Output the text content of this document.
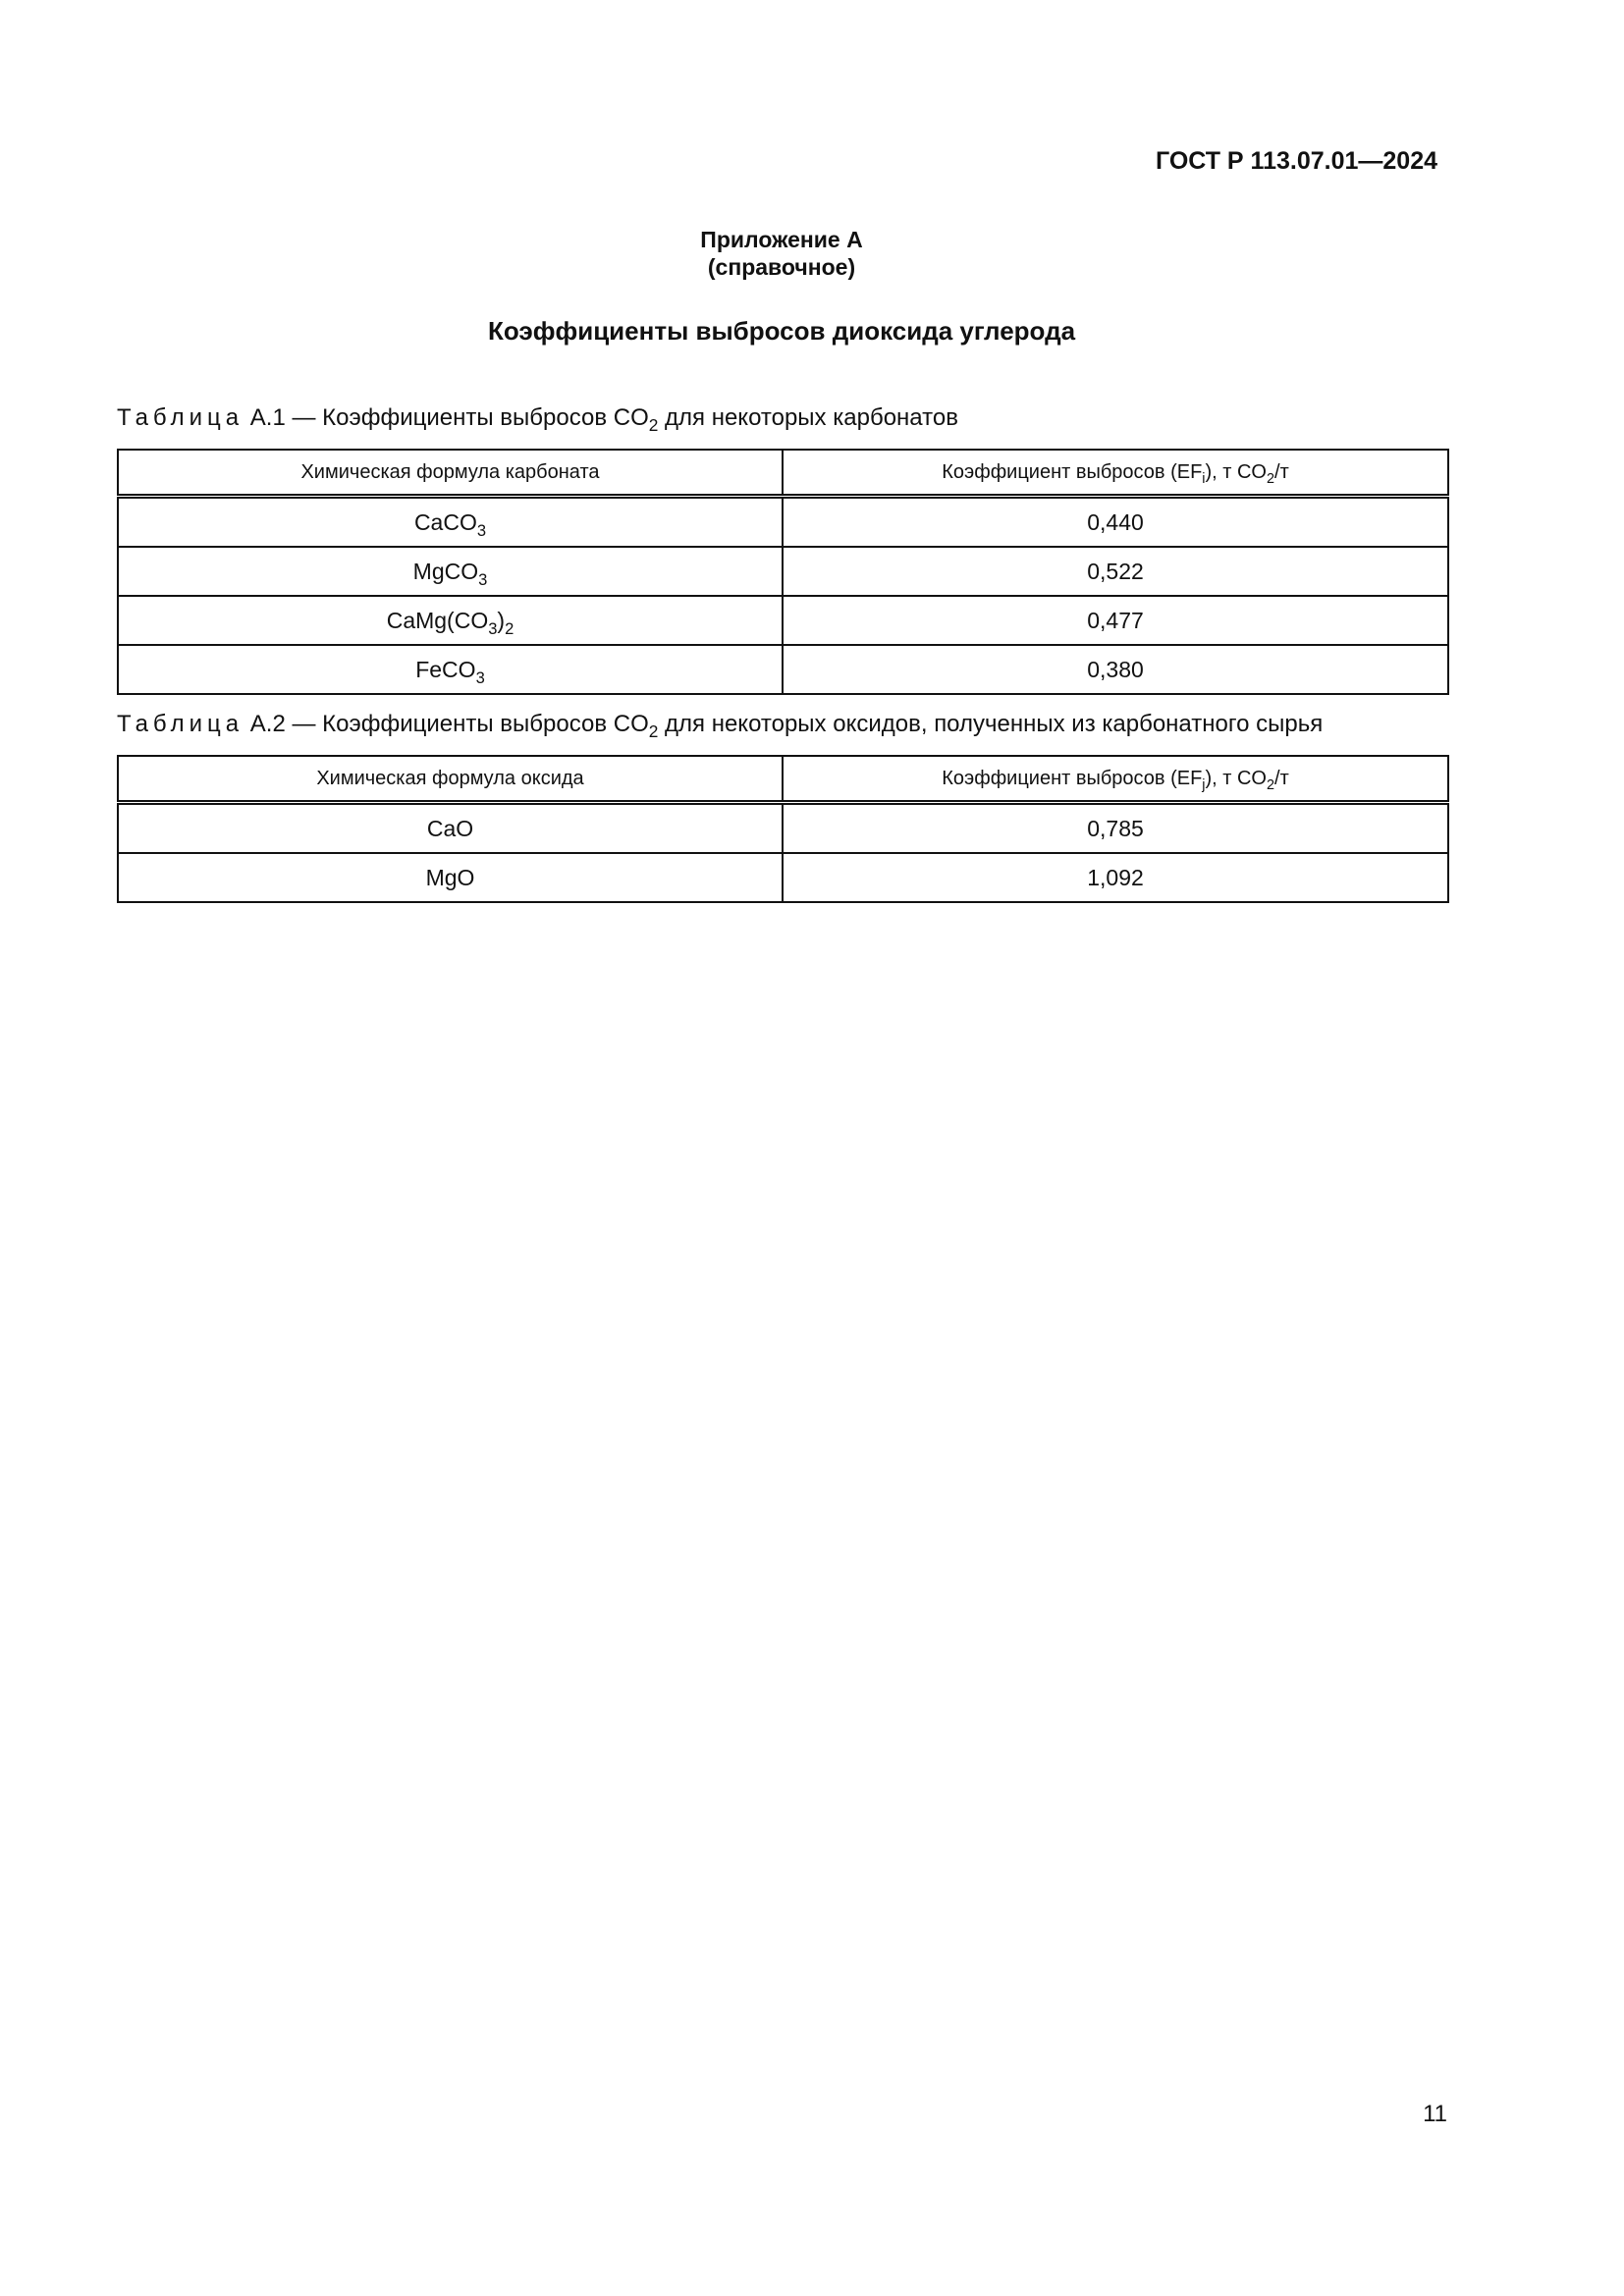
ГОСТ Р 113.07.01—2024

Приложение А
(справочное)

Коэффициенты выбросов диоксида углерода

Таблица А.1 — Коэффициенты выбросов $CO_2$ для некоторых карбонатов

Химическая формула карбоната	Коэффициент выбросов $(EF_i)$, т $CO_2/т$
CaCO$_3$	0,440
MgCO$_3$	0,522
$CaMg(CO_3)_2$	0,477
FeCO$_3$	0,380

Таблица А.2 — Коэффициенты выбросов $CO_2$ для некоторых оксидов, полученных из карбонатного сырья

Химическая формула оксида	Коэффициент выбросов $(EF_j)$, т $CO_2/т$
CaO	0,785
MgO	1,092

11
